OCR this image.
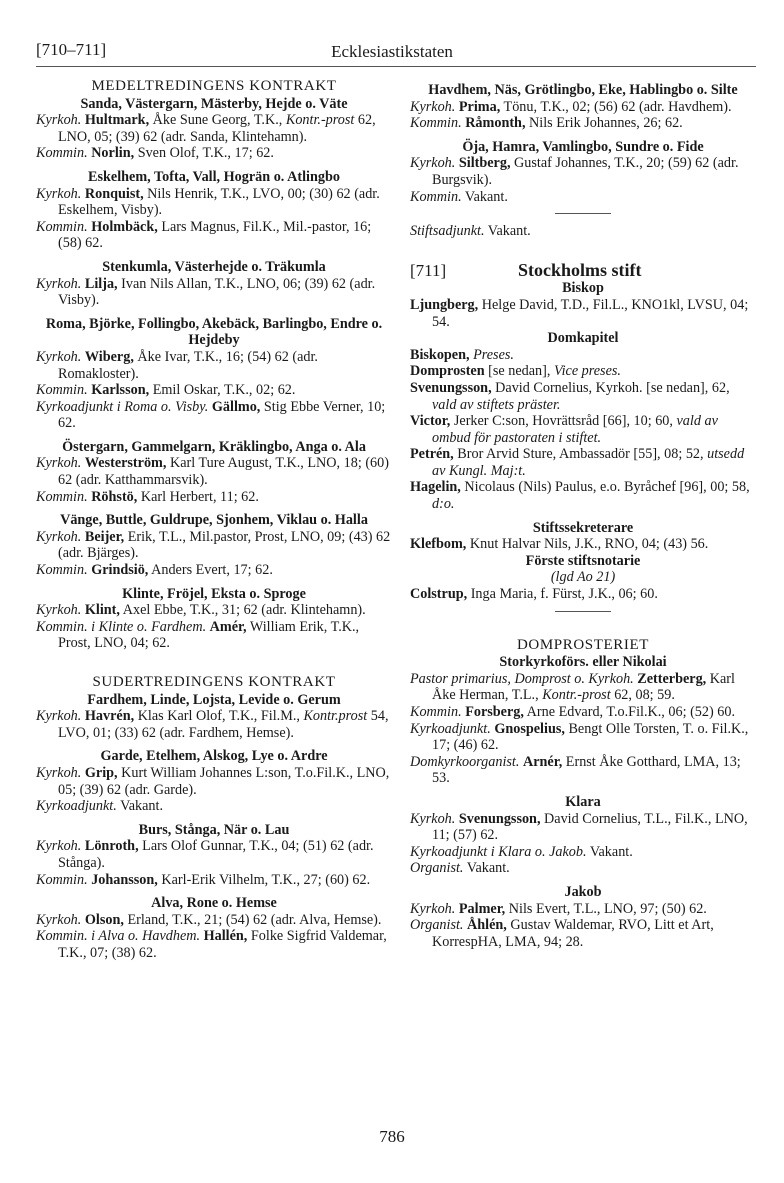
[710–711]	Ecklesiastikstaten

MEDELTREDINGENS KONTRAKT

Sanda, Västergarn, Mästerby, Hejde o. Väte

Kyrkoh. Hultmark, Åke Sune Georg, T.K., Kontr.-prost 62, LNO, 05; (39) 62 (adr. Sanda, Klintehamn).

Kommin. Norlin, Sven Olof, T.K., 17; 62.

Eskelhem, Tofta, Vall, Hogrän o. Atlingbo

Kyrkoh. Ronquist, Nils Henrik, T.K., LVO, 00; (30) 62 (adr. Eskelhem, Visby).

Kommin. Holmbäck, Lars Magnus, Fil.K., Mil.-pastor, 16; (58) 62.

Stenkumla, Västerhejde o. Träkumla

Kyrkoh. Lilja, Ivan Nils Allan, T.K., LNO, 06; (39) 62 (adr. Visby).

Roma, Björke, Follingbo, Akebäck, Barlingbo, Endre o. Hejdeby

Kyrkoh. Wiberg, Åke Ivar, T.K., 16; (54) 62 (adr. Romakloster).

Kommin. Karlsson, Emil Oskar, T.K., 02; 62.

Kyrkoadjunkt i Roma o. Visby. Gällmo, Stig Ebbe Verner, 10; 62.

Östergarn, Gammelgarn, Kräklingbo, Anga o. Ala

Kyrkoh. Westerström, Karl Ture August, T.K., LNO, 18; (60) 62 (adr. Katthammarsvik).

Kommin. Röhstö, Karl Herbert, 11; 62.

Vänge, Buttle, Guldrupe, Sjonhem, Viklau o. Halla

Kyrkoh. Beijer, Erik, T.L., Mil.pastor, Prost, LNO, 09; (43) 62 (adr. Bjärges).

Kommin. Grindsiö, Anders Evert, 17; 62.

Klinte, Fröjel, Eksta o. Sproge

Kyrkoh. Klint, Axel Ebbe, T.K., 31; 62 (adr. Klintehamn).

Kommin. i Klinte o. Fardhem. Amér, William Erik, T.K., Prost, LNO, 04; 62.

SUDERTREDINGENS KONTRAKT

Fardhem, Linde, Lojsta, Levide o. Gerum

Kyrkoh. Havrén, Klas Karl Olof, T.K., Fil.M., Kontr.prost 54, LVO, 01; (33) 62 (adr. Fardhem, Hemse).

Garde, Etelhem, Alskog, Lye o. Ardre

Kyrkoh. Grip, Kurt William Johannes L:son, T.o.Fil.K., LNO, 05; (39) 62 (adr. Garde).

Kyrkoadjunkt. Vakant.

Burs, Stånga, När o. Lau

Kyrkoh. Lönroth, Lars Olof Gunnar, T.K., 04; (51) 62 (adr. Stånga).

Kommin. Johansson, Karl-Erik Vilhelm, T.K., 27; (60) 62.

Alva, Rone o. Hemse

Kyrkoh. Olson, Erland, T.K., 21; (54) 62 (adr. Alva, Hemse).

Kommin. i Alva o. Havdhem. Hallén, Folke Sigfrid Valdemar, T.K., 07; (38) 62.

Havdhem, Näs, Grötlingbo, Eke, Hablingbo o. Silte

Kyrkoh. Prima, Tönu, T.K., 02; (56) 62 (adr. Havdhem).

Kommin. Råmonth, Nils Erik Johannes, 26; 62.

Öja, Hamra, Vamlingbo, Sundre o. Fide

Kyrkoh. Siltberg, Gustaf Johannes, T.K., 20; (59) 62 (adr. Burgsvik).

Kommin. Vakant.

Stiftsadjunkt. Vakant.

[711]	Stockholms stift

Biskop

Ljungberg, Helge David, T.D., Fil.L., KNO1kl, LVSU, 04; 54.

Domkapitel

Biskopen, Preses.

Domprosten [se nedan], Vice preses.

Svenungsson, David Cornelius, Kyrkoh. [se nedan], 62, vald av stiftets präster.

Victor, Jerker C:son, Hovrättsråd [66], 10; 60, vald av ombud för pastoraten i stiftet.

Petrén, Bror Arvid Sture, Ambassadör [55], 08; 52, utsedd av Kungl. Maj:t.

Hagelin, Nicolaus (Nils) Paulus, e.o. Byråchef [96], 00; 58, d:o.

Stiftssekreterare

Klefbom, Knut Halvar Nils, J.K., RNO, 04; (43) 56.

Förste stiftsnotarie

(lgd Ao 21)

Colstrup, Inga Maria, f. Fürst, J.K., 06; 60.

DOMPROSTERIET

Storkyrkoförs. eller Nikolai

Pastor primarius, Domprost o. Kyrkoh. Zetterberg, Karl Åke Herman, T.L., Kontr.-prost 62, 08; 59.

Kommin. Forsberg, Arne Edvard, T.o.Fil.K., 06; (52) 60.

Kyrkoadjunkt. Gnospelius, Bengt Olle Torsten, T. o. Fil.K., 17; (46) 62.

Domkyrkoorganist. Arnér, Ernst Åke Gotthard, LMA, 13; 53.

Klara

Kyrkoh. Svenungsson, David Cornelius, T.L., Fil.K., LNO, 11; (57) 62.

Kyrkoadjunkt i Klara o. Jakob. Vakant.

Organist. Vakant.

Jakob

Kyrkoh. Palmer, Nils Evert, T.L., LNO, 97; (50) 62.

Organist. Åhlén, Gustav Waldemar, RVO, Litt et Art, KorrespHA, LMA, 94; 28.

786
